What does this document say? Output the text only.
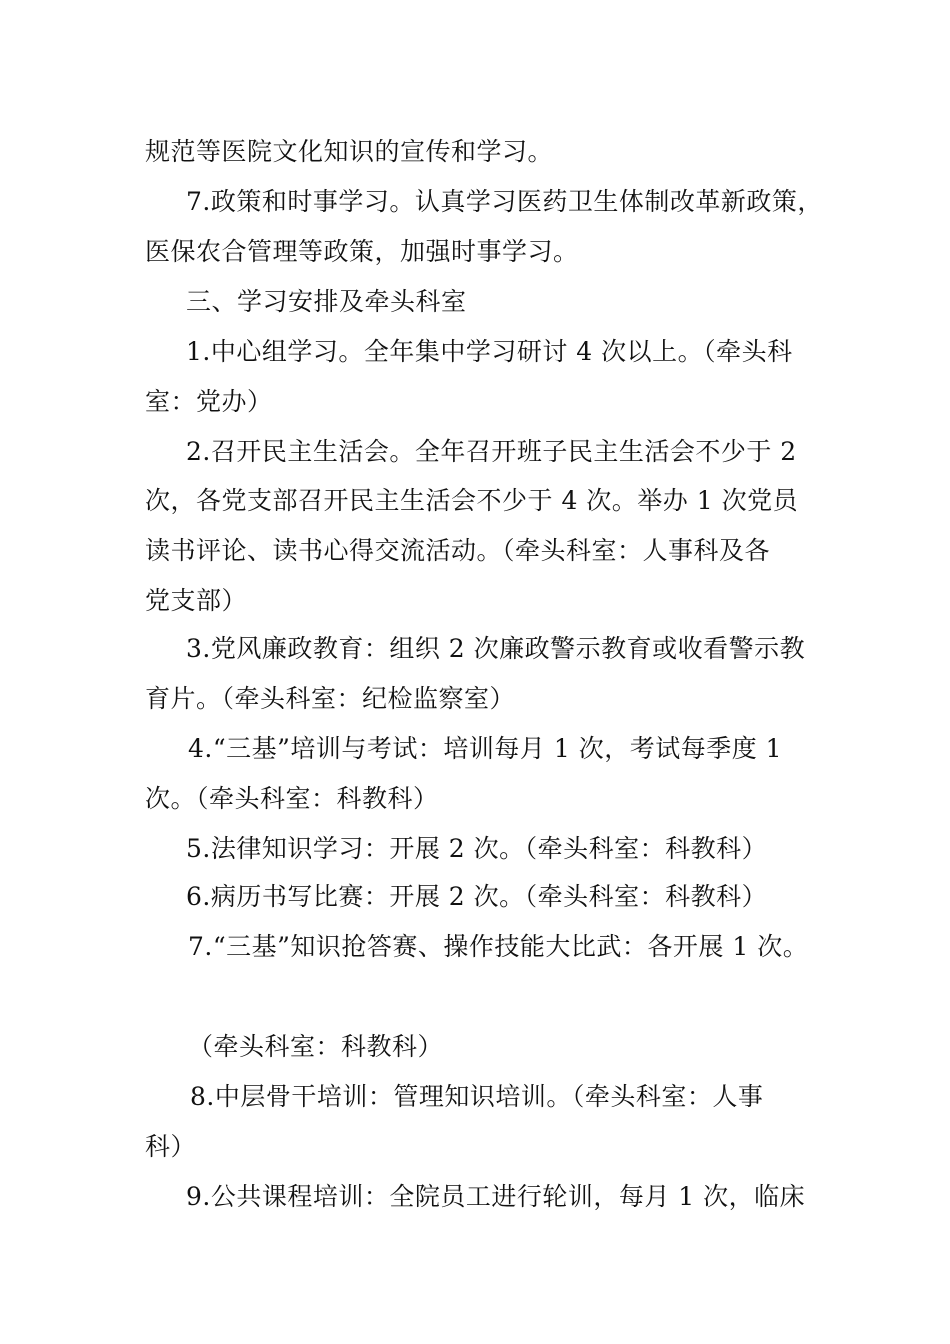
规范等医院文化知识的宣传和学习。
7.政策和时事学习。认真学习医药卫生体制改革新政策，
医保农合管理等政策，加强时事学习。
三、学习安排及牵头科室
1.中心组学习。全年集中学习研讨 4 次以上。（牵头科
室：党办）
2.召开民主生活会。全年召开班子民主生活会不少于 2
次，各党支部召开民主生活会不少于 4 次。举办 1 次党员
读书评论、读书心得交流活动。（牵头科室：人事科及各
党支部）
3.党风廉政教育：组织 2 次廉政警示教育或收看警示教
育片。（牵头科室：纪检监察室）
4.“三基”培训与考试：培训每月 1 次，考试每季度 1
次。（牵头科室：科教科）
5.法律知识学习：开展 2 次。（牵头科室：科教科）
6.病历书写比赛：开展 2 次。（牵头科室：科教科）
7.“三基”知识抢答赛、操作技能大比武：各开展 1 次。
（牵头科室：科教科）
8.中层骨干培训：管理知识培训。（牵头科室：人事
科）
9.公共课程培训：全院员工进行轮训，每月 1 次，临床
